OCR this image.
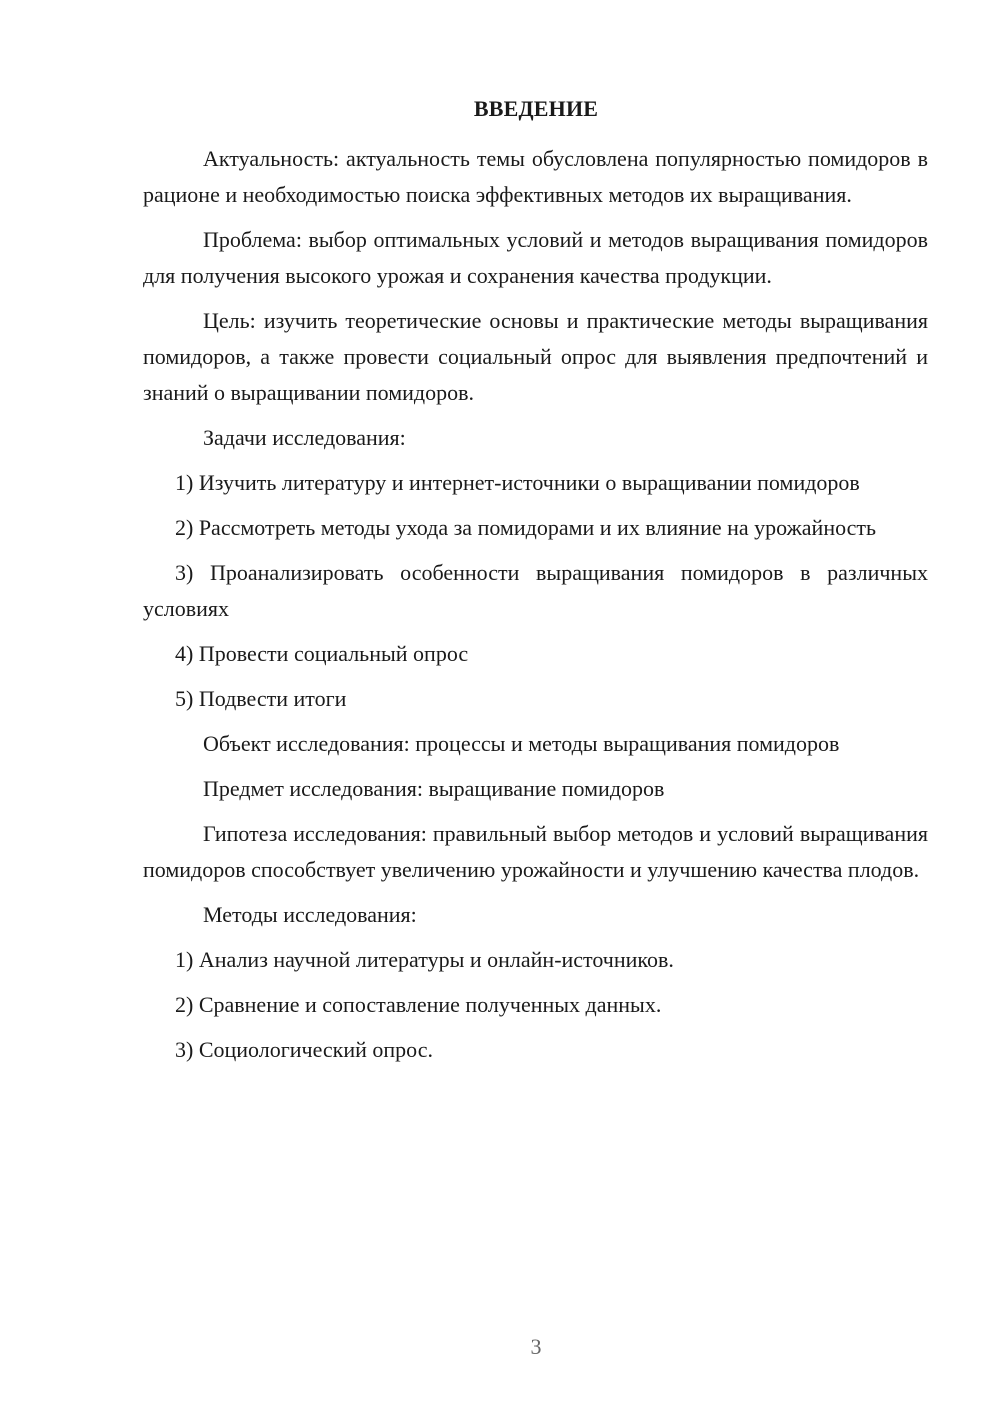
ВВЕДЕНИЕ

Актуальность: актуальность темы обусловлена популярностью помидоров в рационе и необходимостью поиска эффективных методов их выращивания.

Проблема: выбор оптимальных условий и методов выращивания помидоров для получения высокого урожая и сохранения качества продукции.

Цель: изучить теоретические основы и практические методы выращивания помидоров, а также провести социальный опрос для выявления предпочтений и знаний о выращивании помидоров.

Задачи исследования:

1) Изучить литературу и интернет-источники о выращивании помидоров

2) Рассмотреть методы ухода за помидорами и их влияние на урожайность

3) Проанализировать особенности выращивания помидоров в различных условиях

4) Провести социальный опрос

5) Подвести итоги

Объект исследования: процессы и методы выращивания помидоров

Предмет исследования: выращивание помидоров

Гипотеза исследования: правильный выбор методов и условий выращивания помидоров способствует увеличению урожайности и улучшению качества плодов.

Методы исследования:

1) Анализ научной литературы и онлайн-источников.

2) Сравнение и сопоставление полученных данных.

3) Социологический опрос.

3
